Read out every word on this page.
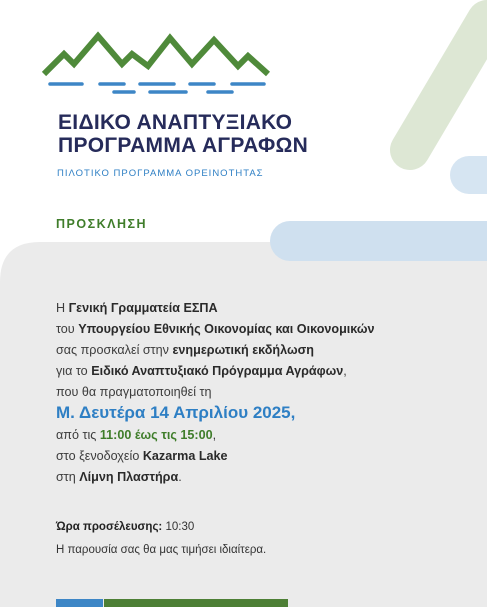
ΕΙΔΙΚΟ ΑΝΑΠΤΥΞΙΑΚΟ
ΠΡΟΓΡΑΜΜΑ ΑΓΡΑΦΩΝ
ΠΙΛΟΤΙΚΟ ΠΡΟΓΡΑΜΜΑ ΟΡΕΙΝΟΤΗΤΑΣ
ΠΡΟΣΚΛΗΣΗ
Η Γενική Γραμματεία ΕΣΠΑ
του Υπουργείου Εθνικής Οικονομίας και Οικονομικών
σας προσκαλεί στην ενημερωτική εκδήλωση
για το Ειδικό Αναπτυξιακό Πρόγραμμα Αγράφων,
που θα πραγματοποιηθεί τη
Μ. Δευτέρα 14 Απριλίου 2025,
από τις 11:00 έως τις 15:00,
στο ξενοδοχείο Kazarma Lake
στη Λίμνη Πλαστήρα.
Ώρα προσέλευσης: 10:30
Η παρουσία σας θα μας τιμήσει ιδιαίτερα.
